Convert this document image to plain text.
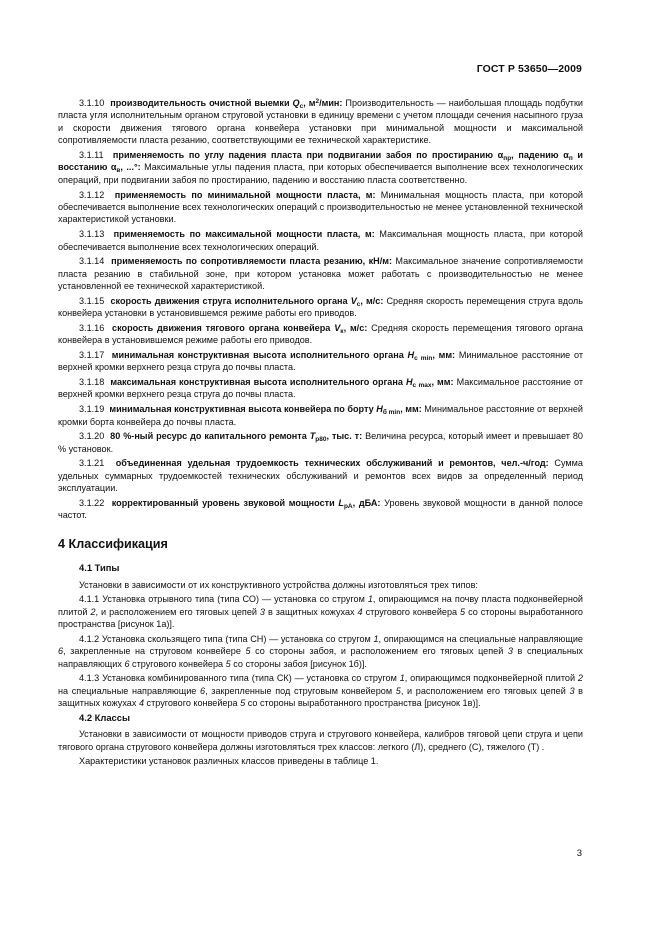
ГОСТ Р 53650—2009

3.1.10 производительность очистной выемки $Q_c$, $м^2$/мин: Производительность — наибольшая площадь подбутки пласта угля исполнительным органом струговой установки в единицу времени с учетом площади сечения насыпного груза и скорости движения тягового органа конвейера установки при минимальной мощности и максимальной сопротивляемости пласта резанию, соответствующими ее технической характеристике.

3.1.11 применяемость по углу падения пласта при подвигании забоя по простиранию $\alpha_{пр}$, падению $\alpha_п$ и восстанию $\alpha_в$, ...°: Максимальные углы падения пласта, при которых обеспечивается выполнение всех технологических операций, при подвигании забоя по простиранию, падению и восстанию пласта соответственно.

3.1.12 применяемость по минимальной мощности пласта, м: Минимальная мощность пласта, при которой обеспечивается выполнение всех технологических операций с производительностью не менее установленной технической характеристикой установки.

3.1.13 применяемость по максимальной мощности пласта, м: Максимальная мощность пласта, при которой обеспечивается выполнение всех технологических операций.

3.1.14 применяемость по сопротивляемости пласта резанию, кН/м: Максимальное значение сопротивляемости пласта резанию в стабильной зоне, при котором установка может работать с производительностью не менее установленной ее технической характеристикой.

3.1.15 скорость движения струга исполнительного органа $V_c$, м/с: Средняя скорость перемещения струга вдоль конвейера установки в установившемся режиме работы его приводов.

3.1.16 скорость движения тягового органа конвейера $V_к$, м/с: Средняя скорость перемещения тягового органа конвейера в установившемся режиме работы его приводов.

3.1.17 минимальная конструктивная высота исполнительного органа $H_{c min}$, мм: Минимальное расстояние от верхней кромки верхнего резца струга до почвы пласта.

3.1.18 максимальная конструктивная высота исполнительного органа $H_{c max}$, мм: Максимальное расстояние от верхней кромки верхнего резца струга до почвы пласта.

3.1.19 минимальная конструктивная высота конвейера по борту $H_{б min}$, мм: Минимальное расстояние от верхней кромки борта конвейера до почвы пласта.

3.1.20 80 %-ный ресурс до капитального ремонта $T_{р80}$, тыс. т: Величина ресурса, который имеет и превышает 80 % установок.

3.1.21 объединенная удельная трудоемкость технических обслуживаний и ремонтов, чел.-ч/год: Сумма удельных суммарных трудоемкостей технических обслуживаний и ремонтов всех видов за определенный период эксплуатации.

3.1.22 корректированный уровень звуковой мощности $L_{рА}$, дБА: Уровень звуковой мощности в данной полосе частот.

4 Классификация
4.1 Типы

Установки в зависимости от их конструктивного устройства должны изготовляться трех типов:

4.1.1 Установка отрывного типа (типа СО) — установка со стругом 1, опирающимся на почву пласта подконвейерной плитой 2, и расположением его тяговых цепей 3 в защитных кожухах 4 стругового конвейера 5 со стороны выработанного пространства [рисунок 1а)].

4.1.2 Установка скользящего типа (типа СН) — установка со стругом 1, опирающимся на специальные направляющие 6, закрепленные на струговом конвейере 5 со стороны забоя, и расположением его тяговых цепей 3 в специальных направляющих 6 стругового конвейера 5 со стороны забоя [рисунок 1б)].

4.1.3 Установка комбинированного типа (типа СК) — установка со стругом 1, опирающимся подконвейерной плитой 2 на специальные направляющие 6, закрепленные под струговым конвейером 5, и расположением его тяговых цепей 3 в защитных кожухах 4 стругового конвейера 5 со стороны выработанного пространства [рисунок 1в)].

4.2 Классы

Установки в зависимости от мощности приводов струга и стругового конвейера, калибров тяговой цепи струга и цепи тягового органа стругового конвейера должны изготовляться трех классов: легкого (Л), среднего (С), тяжелого (Т) .

Характеристики установок различных классов приведены в таблице 1.

3
